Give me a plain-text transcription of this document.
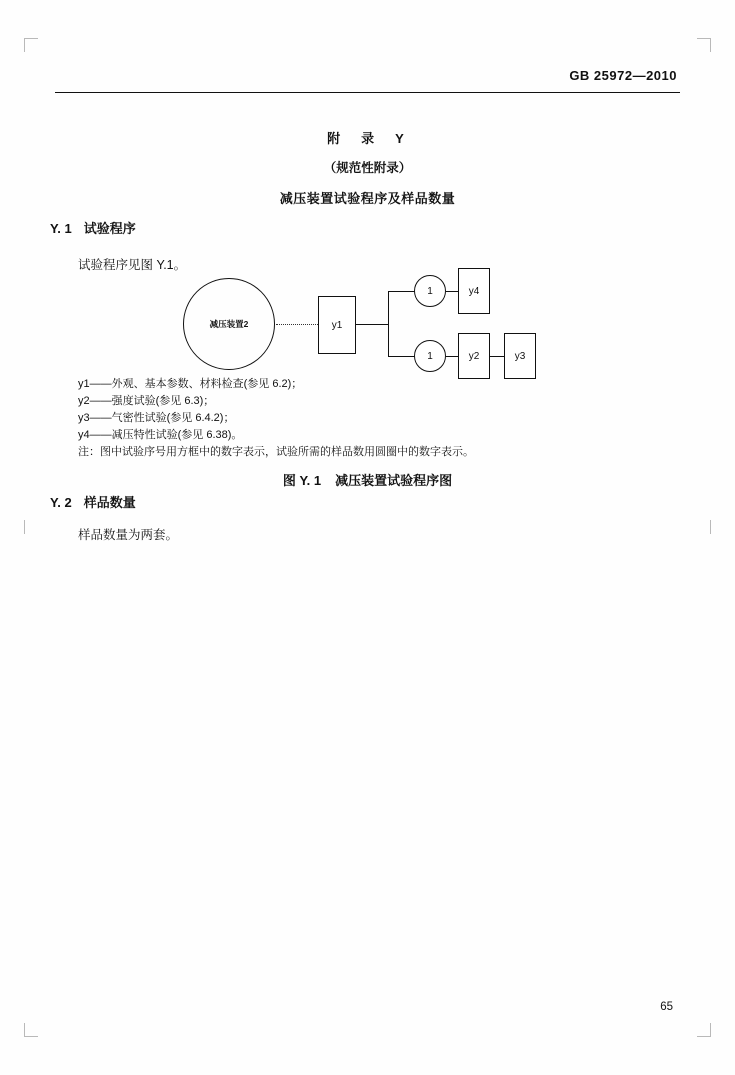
GB 25972—2010
附　录　Y
（规范性附录）
减压装置试验程序及样品数量
Y. 1 试验程序
试验程序见图 Y.1。
减压装置2	y1
1
1
y4
y2	y3
y1——外观、基本参数、材料检查(参见 6.2)；
y2——强度试验(参见 6.3)；
y3——气密性试验(参见 6.4.2)；
y4——减压特性试验(参见 6.38)。
注：图中试验序号用方框中的数字表示，试验所需的样品数用圆圈中的数字表示。
图 Y. 1 减压装置试验程序图
Y. 2 样品数量
样品数量为两套。
65
